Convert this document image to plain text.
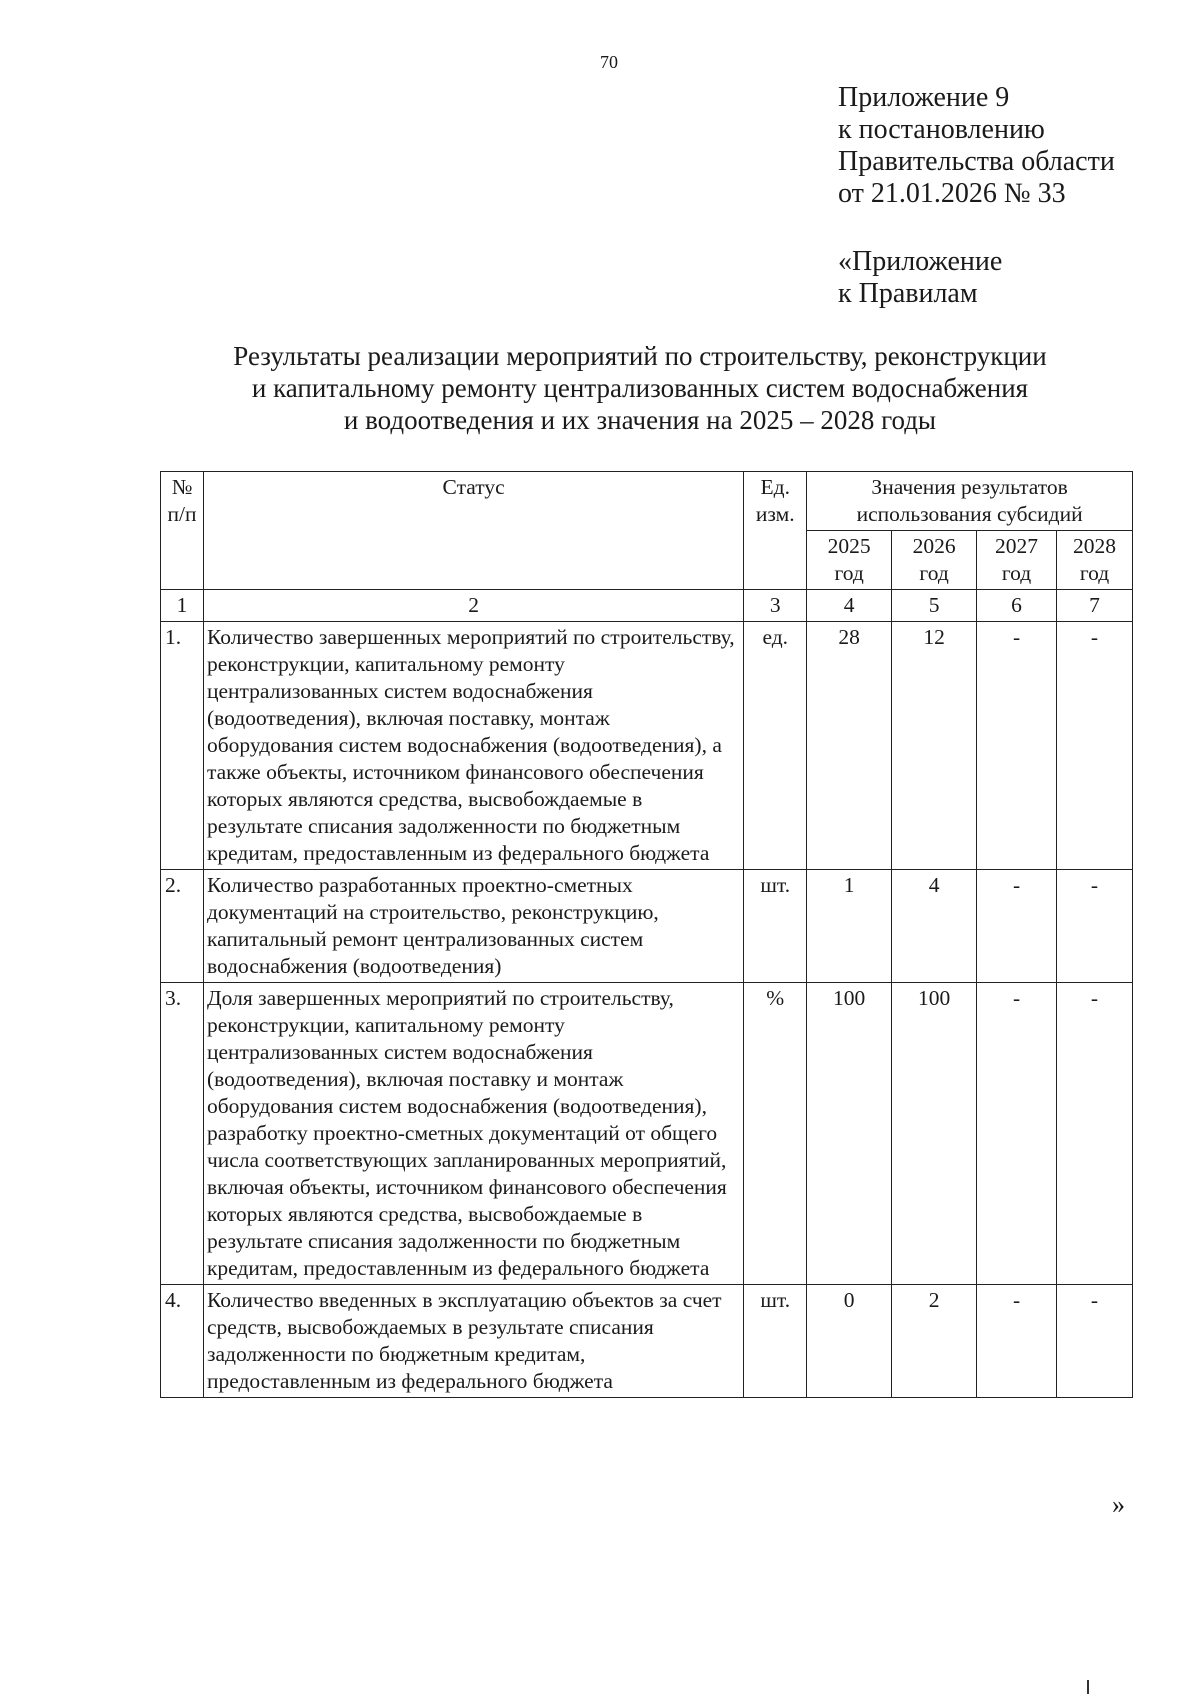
70
Приложение 9
к постановлению
Правительства области
от 21.01.2026 № 33
«Приложение
к Правилам
Результаты реализации мероприятий по строительству, реконструкции
и капитальному ремонту централизованных систем водоснабжения
и водоотведения и их значения на 2025 – 2028 годы
№ п/п	Статус	Ед. изм.	Значения результатов использования субсидий			
			2025 год	2026 год	2027 год	2028 год
1	2	3	4	5	6	7
1.	Количество завершенных мероприятий по строительству, реконструкции, капитальному ремонту централизованных систем водоснабжения (водоотведения), включая поставку, монтаж оборудования систем водоснабжения (водоотведения), а также объекты, источником финансового обеспечения которых являются средства, высвобождаемые в результате списания задолженности по бюджетным кредитам, предоставленным из федерального бюджета	ед.	28	12	-	-
2.	Количество разработанных проектно-сметных документаций на строительство, реконструкцию, капитальный ремонт централизованных систем водоснабжения (водоотведения)	шт.	1	4	-	-
3.	Доля завершенных мероприятий по строительству, реконструкции, капитальному ремонту централизованных систем водоснабжения (водоотведения), включая поставку и монтаж оборудования систем водоснабжения (водоотведения), разработку проектно-сметных документаций от общего числа соответствующих запланированных мероприятий, включая объекты, источником финансового обеспечения которых являются средства, высвобождаемые в результате списания задолженности по бюджетным кредитам, предоставленным из федерального бюджета	%	100	100	-	-
4.	Количество введенных в эксплуатацию объектов за счет средств, высвобождаемых в результате списания задолженности по бюджетным кредитам, предоставленным из федерального бюджета	шт.	0	2	-	-
»
